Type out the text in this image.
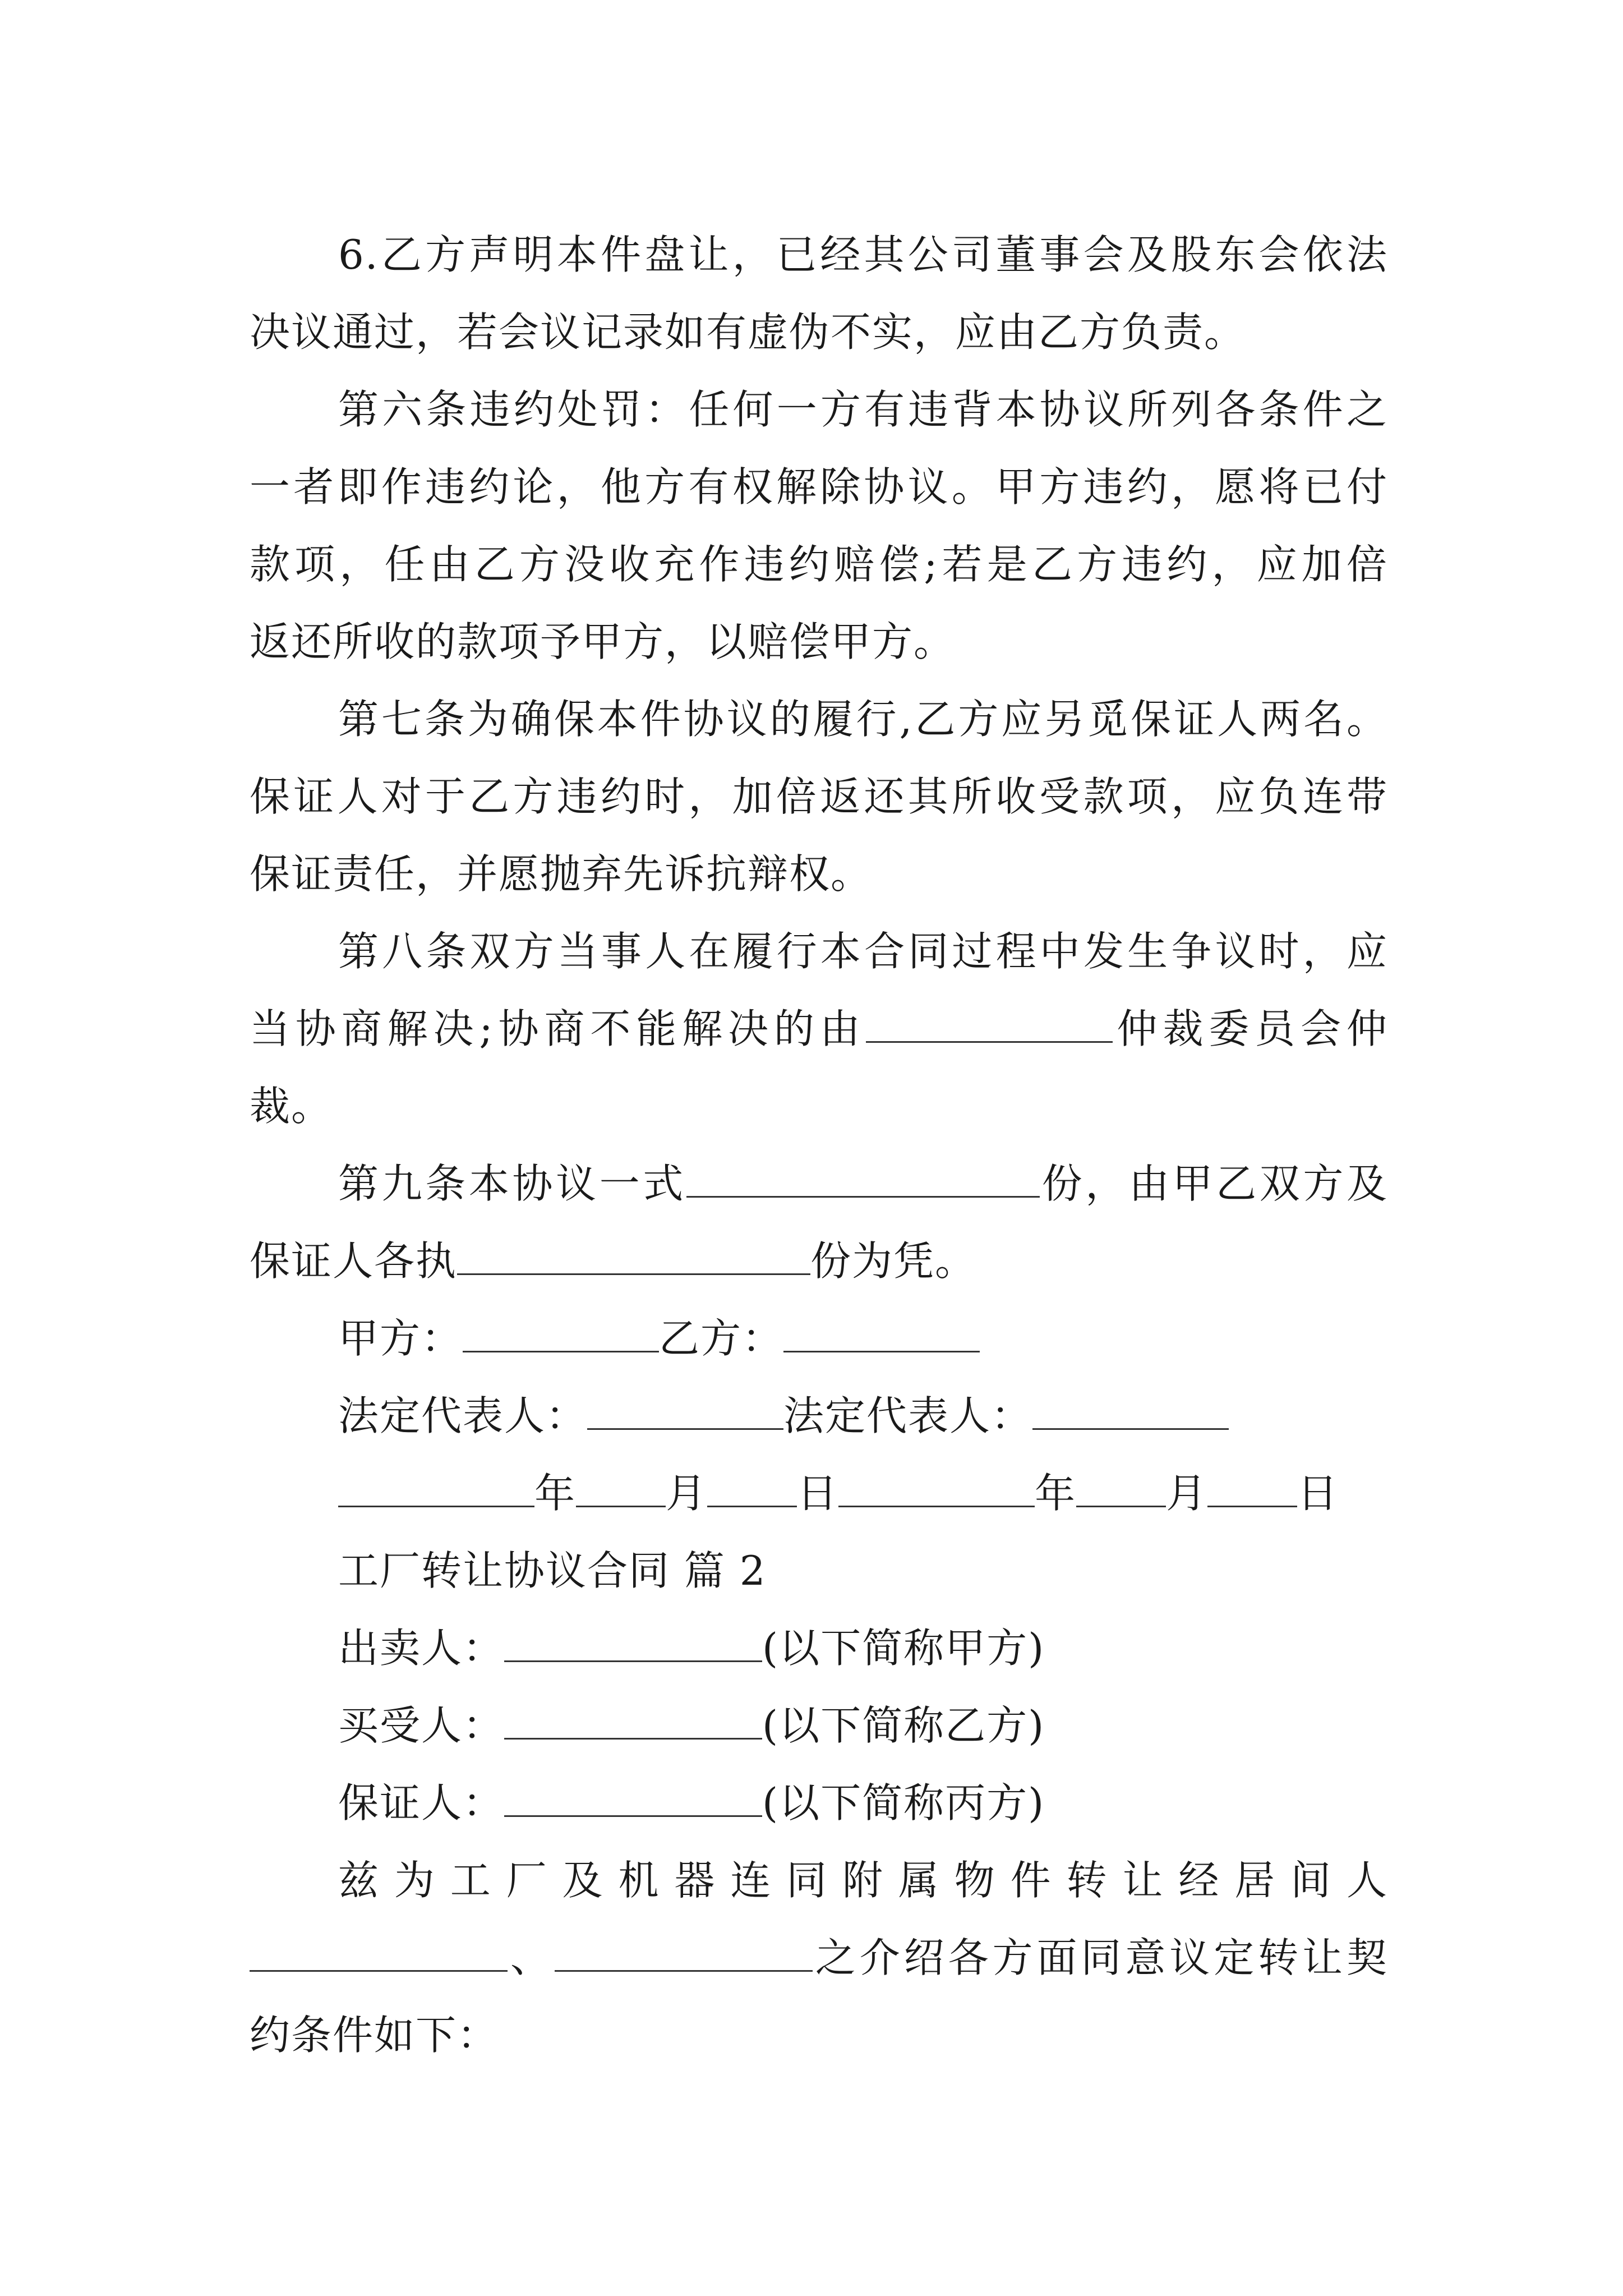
6.乙方声明本件盘让，已经其公司董事会及股东会依法
决议通过，若会议记录如有虚伪不实，应由乙方负责。
第六条违约处罚：任何一方有违背本协议所列各条件之
一者即作违约论，他方有权解除协议。甲方违约，愿将已付
款项，任由乙方没收充作违约赔偿;若是乙方违约，应加倍
返还所收的款项予甲方，以赔偿甲方。
第七条为确保本件协议的履行,乙方应另觅保证人两名。
保证人对于乙方违约时，加倍返还其所收受款项，应负连带
保证责任，并愿抛弃先诉抗辩权。
第八条双方当事人在履行本合同过程中发生争议时，应
当协商解决;协商不能解决的由	仲裁委员会仲
裁。
第九条本协议一式	份，由甲乙双方及
保证人各执	份为凭。
甲方：	乙方：
法定代表人：	法定代表人：
年 月 日	年 月 日
工厂转让协议合同 篇 2
出卖人：	(以下简称甲方)
买受人：	(以下简称乙方)
保证人：	(以下简称丙方)
兹为工厂及机器连同附属物件转让经居间人
、	之介绍各方面同意议定转让契
约条件如下：
